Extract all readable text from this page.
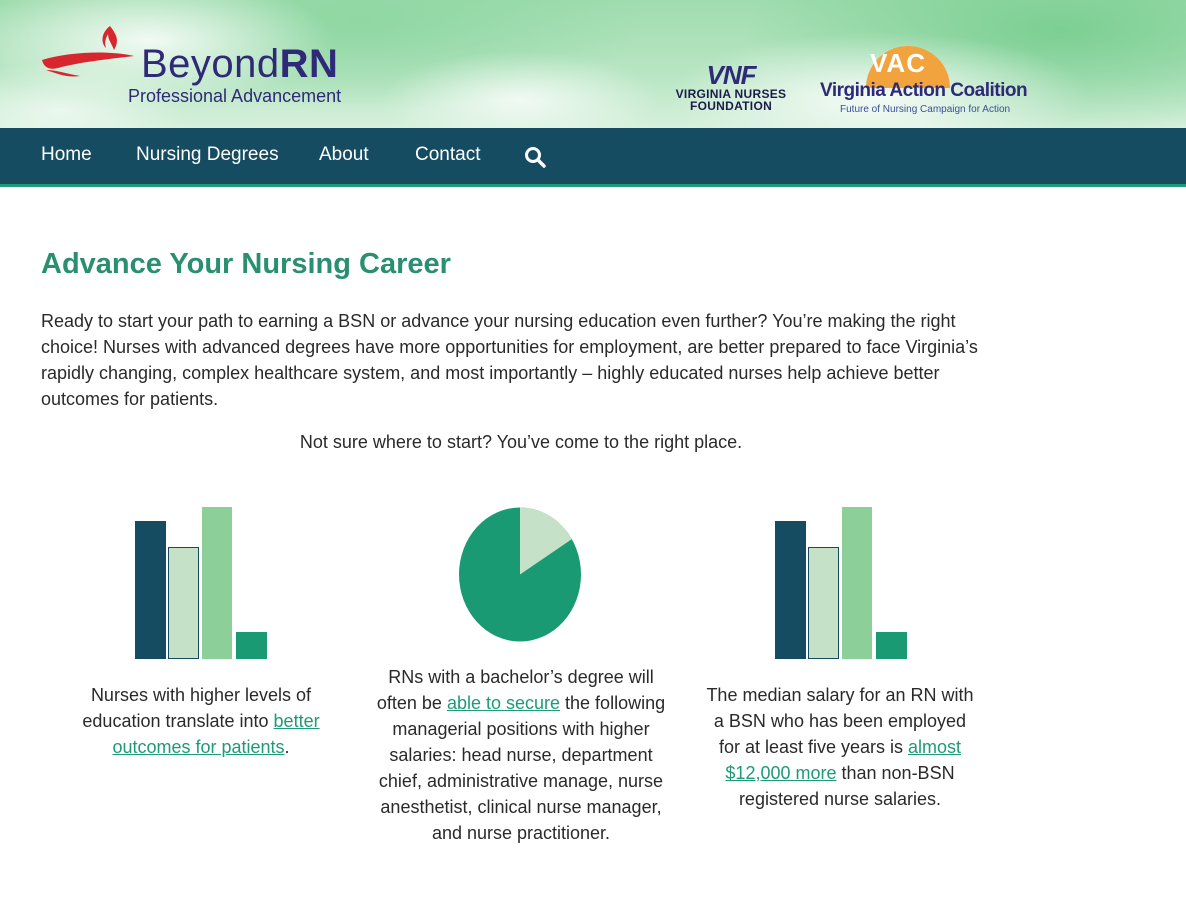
BeyondRN
Professional Advancement
VNF
VIRGINIA NURSES
FOUNDATION
VAC
Virginia Action Coalition
Future of Nursing Campaign for Action
Home Nursing Degrees About Contact
Advance Your Nursing Career

Ready to start your path to earning a BSN or advance your nursing education even further? You’re making the right choice! Nurses with advanced degrees have more opportunities for employment, are better prepared to face Virginia’s rapidly changing, complex healthcare system, and most importantly – highly educated nurses help achieve better outcomes for patients.

Not sure where to start? You’ve come to the right place.

Nurses with higher levels of education translate into better outcomes for patients.
RNs with a bachelor’s degree will often be able to secure the following managerial positions with higher salaries: head nurse, department chief, administrative manage, nurse anesthetist, clinical nurse manager, and nurse practitioner.
The median salary for an RN with a BSN who has been employed for at least five years is almost $12,000 more than non-BSN registered nurse salaries.
